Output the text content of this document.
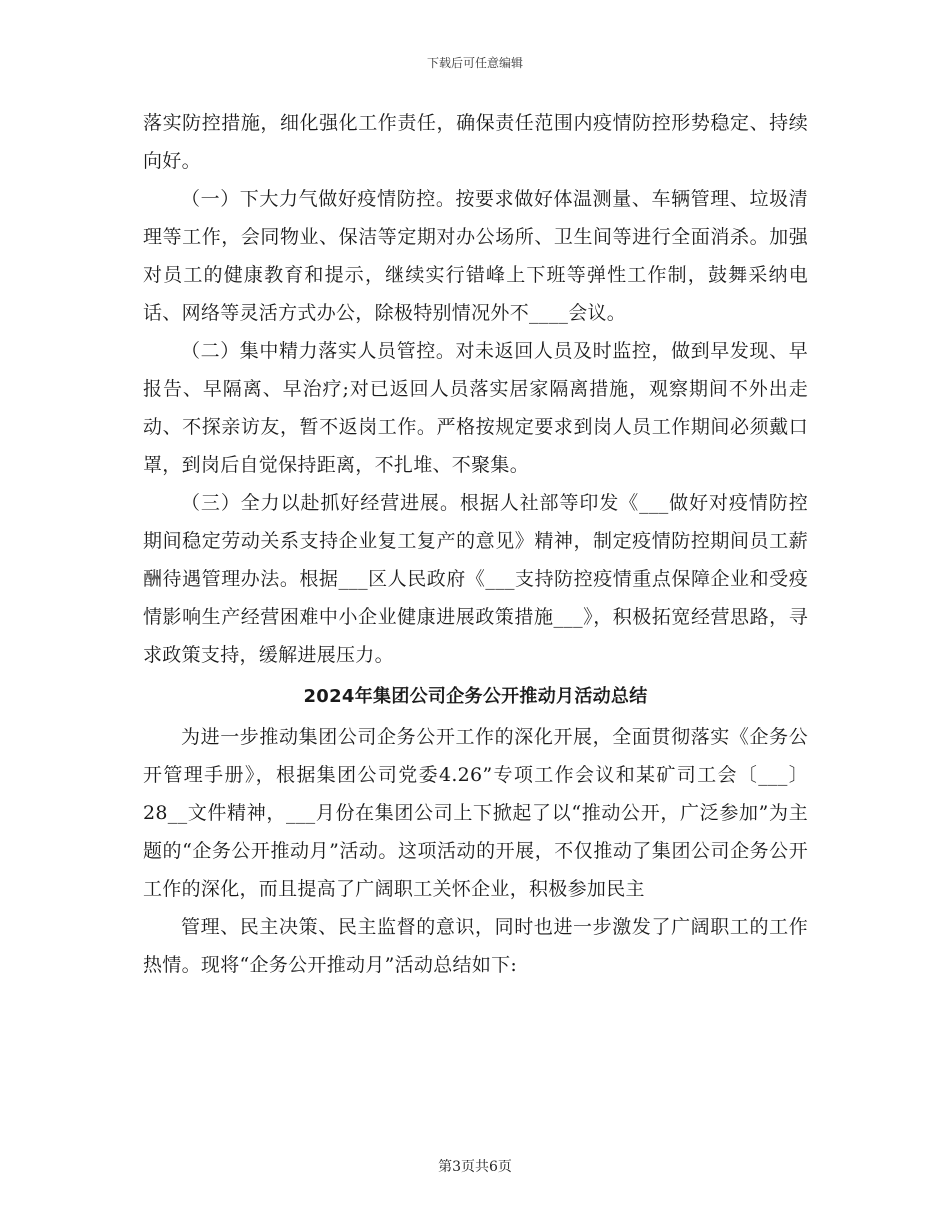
下载后可任意编辑

落实防控措施，细化强化工作责任，确保责任范围内疫情防控形势稳定、持续向好。

（一）下大力气做好疫情防控。按要求做好体温测量、车辆管理、垃圾清理等工作，会同物业、保洁等定期对办公场所、卫生间等进行全面消杀。加强对员工的健康教育和提示，继续实行错峰上下班等弹性工作制，鼓舞采纳电话、网络等灵活方式办公，除极特别情况外不____会议。

（二）集中精力落实人员管控。对未返回人员及时监控，做到早发现、早报告、早隔离、早治疗;对已返回人员落实居家隔离措施，观察期间不外出走动、不探亲访友，暂不返岗工作。严格按规定要求到岗人员工作期间必须戴口罩，到岗后自觉保持距离，不扎堆、不聚集。

（三）全力以赴抓好经营进展。根据人社部等印发《___做好对疫情防控期间稳定劳动关系支持企业复工复产的意见》精神，制定疫情防控期间员工薪酬待遇管理办法。根据___区人民政府《___支持防控疫情重点保障企业和受疫情影响生产经营困难中小企业健康进展政策措施___》，积极拓宽经营思路，寻求政策支持，缓解进展压力。

2024年集团公司企务公开推动月活动总结

为进一步推动集团公司企务公开工作的深化开展，全面贯彻落实《企务公开管理手册》，根据集团公司党委4.26”专项工作会议和某矿司工会〔___〕28__文件精神，___月份在集团公司上下掀起了以“推动公开，广泛参加”为主题的“企务公开推动月”活动。这项活动的开展，不仅推动了集团公司企务公开工作的深化，而且提高了广阔职工关怀企业，积极参加民主

管理、民主决策、民主监督的意识，同时也进一步激发了广阔职工的工作热情。现将“企务公开推动月”活动总结如下:

第3页共6页
